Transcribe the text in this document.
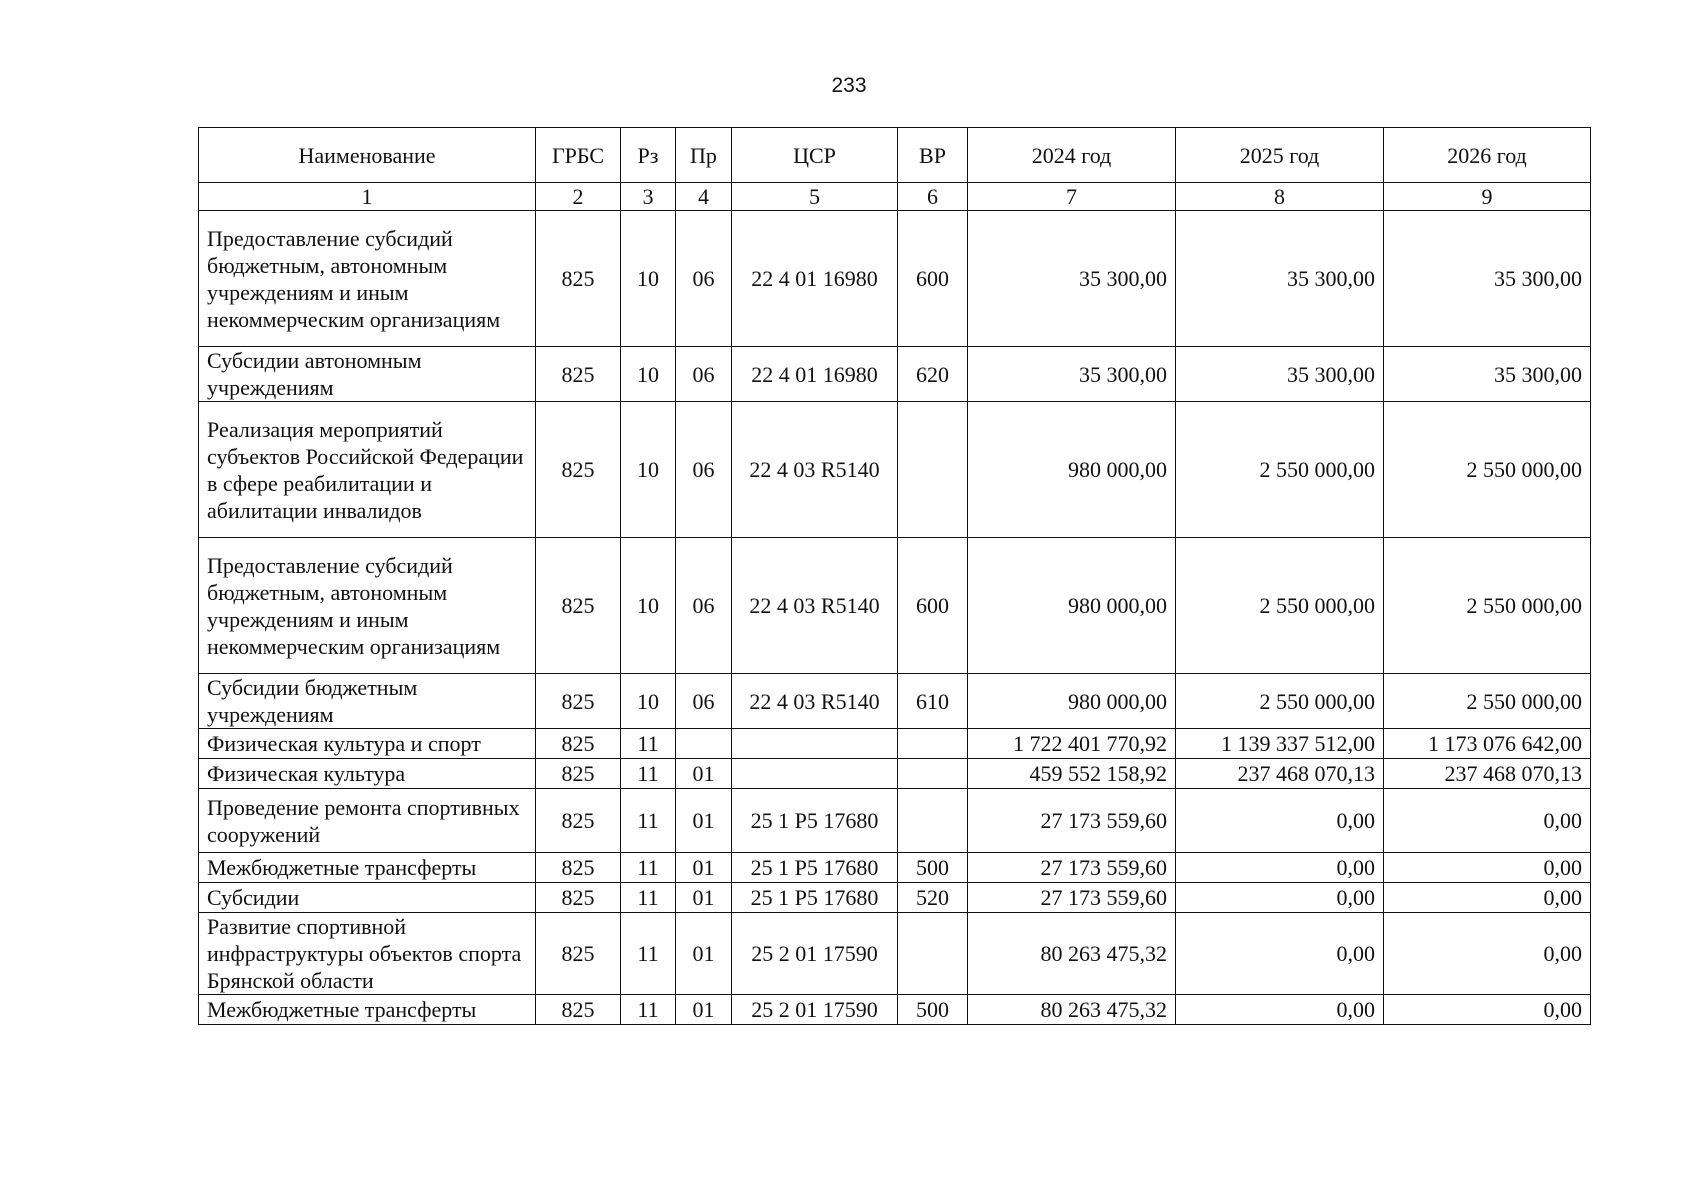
233
Наименование	ГРБС	Рз	Пр	ЦСР	ВР	2024 год	2025 год	2026 год
1	2	3	4	5	6	7	8	9
Предоставление субсидий бюджетным, автономным учреждениям и иным некоммерческим организациям	825	10	06	22 4 01 16980	600	35 300,00	35 300,00	35 300,00
Субсидии автономным учреждениям	825	10	06	22 4 01 16980	620	35 300,00	35 300,00	35 300,00
Реализация мероприятий субъектов Российской Федерации в сфере реабилитации и абилитации инвалидов	825	10	06	22 4 03 R5140		980 000,00	2 550 000,00	2 550 000,00
Предоставление субсидий бюджетным, автономным учреждениям и иным некоммерческим организациям	825	10	06	22 4 03 R5140	600	980 000,00	2 550 000,00	2 550 000,00
Субсидии бюджетным учреждениям	825	10	06	22 4 03 R5140	610	980 000,00	2 550 000,00	2 550 000,00
Физическая культура и спорт	825	11				1 722 401 770,92	1 139 337 512,00	1 173 076 642,00
Физическая культура	825	11	01			459 552 158,92	237 468 070,13	237 468 070,13
Проведение ремонта спортивных сооружений	825	11	01	25 1 P5 17680		27 173 559,60	0,00	0,00
Межбюджетные трансферты	825	11	01	25 1 P5 17680	500	27 173 559,60	0,00	0,00
Субсидии	825	11	01	25 1 P5 17680	520	27 173 559,60	0,00	0,00
Развитие спортивной инфраструктуры объектов спорта Брянской области	825	11	01	25 2 01 17590		80 263 475,32	0,00	0,00
Межбюджетные трансферты	825	11	01	25 2 01 17590	500	80 263 475,32	0,00	0,00
